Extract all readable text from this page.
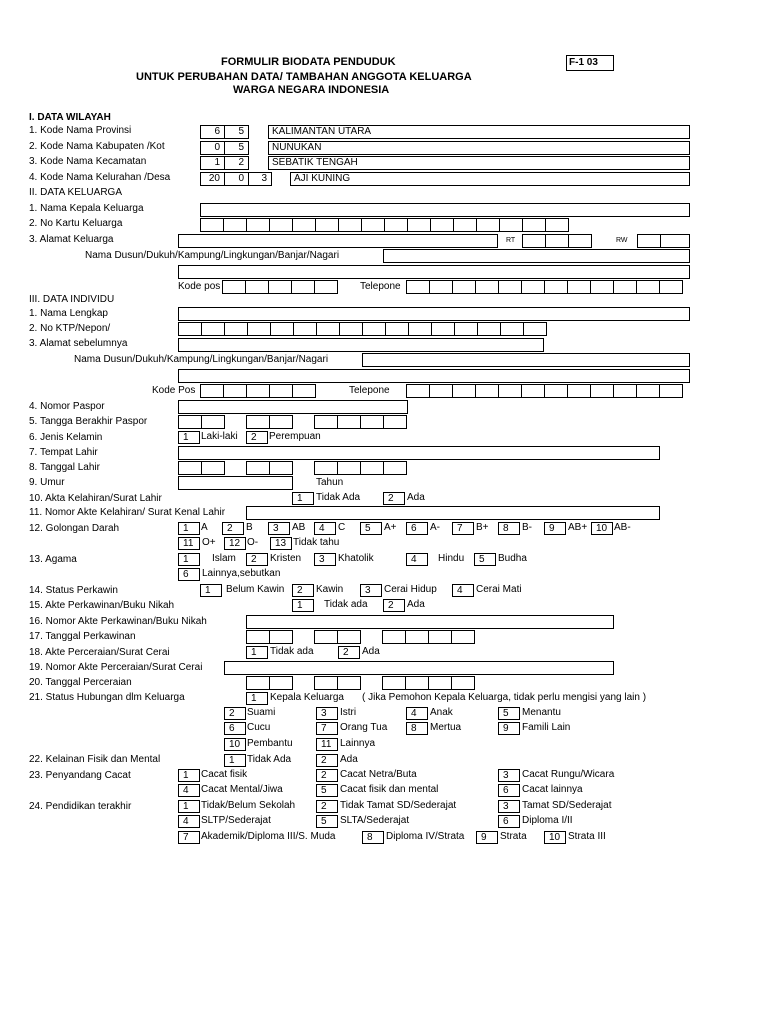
FORMULIR BIODATA PENDUDUK
UNTUK PERUBAHAN DATA/ TAMBAHAN ANGGOTA KELUARGA
WARGA NEGARA INDONESIA
F-1 03
I. DATA WILAYAH
1. Kode Nama Provinsi	6	5	KALIMANTAN UTARA
2. Kode Nama Kabupaten /Kot	0	5	NUNUKAN
3. Kode Nama Kecamatan	1	2	SEBATIK TENGAH
4. Kode Nama Kelurahan /Desa	20	0	3	AJI KUNING
II. DATA KELUARGA
1. Nama Kepala Keluarga
2. No Kartu Keluarga
3. Alamat Keluarga	RT	RW
Nama Dusun/Dukuh/Kampung/Lingkungan/Banjar/Nagari
Kode pos	Telepone
III. DATA INDIVIDU
1. Nama Lengkap
2. No KTP/Nepon/
3. Alamat sebelumnya
Nama Dusun/Dukuh/Kampung/Lingkungan/Banjar/Nagari
Kode Pos	Telepone
4. Nomor Paspor
5. Tangga Berakhir Paspor
6. Jenis Kelamin	1	Laki-laki	2	Perempuan
7. Tempat Lahir
8. Tanggal Lahir
9. Umur	Tahun
10. Akta Kelahiran/Surat Lahir	1	Tidak Ada	2	Ada
11. Nomor Akte Kelahiran/ Surat Kenal Lahir
12. Golongan Darah	1	A	2	B	3	AB	4	C	5	A+	6	A-	7	B+	8	B-	9	AB+ 10 AB-
11 O+	12 O-	13 Tidak tahu
13. Agama	1	Islam	2	Kristen	3	Khatolik	4	Hindu	5	Budha
6	Lainnya,sebutkan
14. Status Perkawin	1	Belum Kawin	2	Kawin	3	Cerai Hidup	4	Cerai Mati
15. Akte Perkawinan/Buku Nikah	1	Tidak ada	2	Ada
16. Nomor Akte Perkawinan/Buku Nikah
17. Tanggal Perkawinan
18. Akte Perceraian/Surat Cerai	1	Tidak ada	2	Ada
19. Nomor Akte Perceraian/Surat Cerai
20. Tanggal Perceraian
21. Status Hubungan dlm Keluarga	( Jika Pemohon Kepala Keluarga, tidak perlu mengisi yang lain )
1	Kepala Keluarga
2	Suami	3	Istri	4	Anak	5	Menantu
6	Cucu	7	Orang Tua	8	Mertua	9	Famili Lain
10 Pembantu	11 Lainnya
22. Kelainan Fisik dan Mental	1	Tidak Ada	2	Ada
23. Penyandang Cacat	1	Cacat fisik	2	Cacat Netra/Buta	3	Cacat Rungu/Wicara
4	Cacat Mental/Jiwa	5	Cacat fisik dan mental	6	Cacat lainnya
24. Pendidikan terakhir	1	Tidak/Belum Sekolah	2	Tidak Tamat SD/Sederajat	3	Tamat SD/Sederajat
4	SLTP/Sederajat	5	SLTA/Sederajat	6	Diploma I/II
7	Akademik/Diploma III/S. Muda	8	Diploma IV/Strata	9	Strata	10 Strata III
